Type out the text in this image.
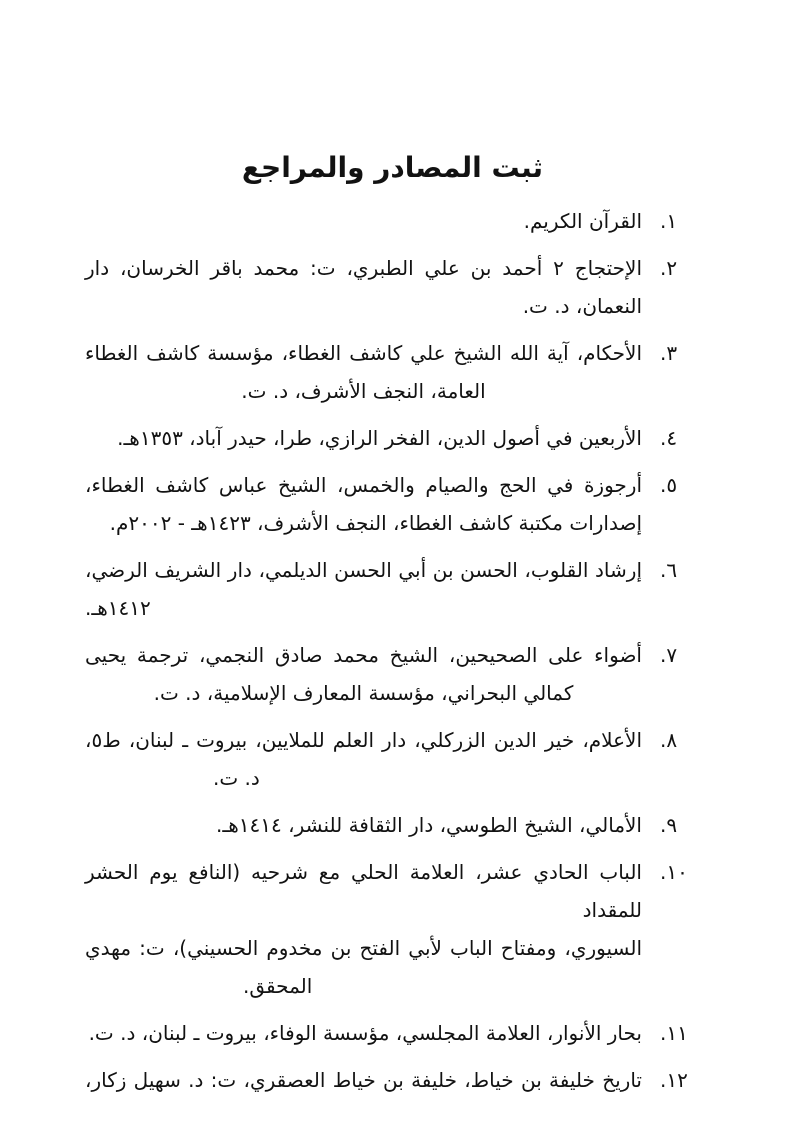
ثبت المصادر والمراجع
١.
القرآن الكريم.
٢.
الإحتجاج ٢ أحمد بن علي الطبري، ت: محمد باقر الخرسان، دار
النعمان، د. ت.
٣.
الأحكام، آية الله الشيخ علي كاشف الغطاء، مؤسسة كاشف الغطاء
العامة، النجف الأشرف، د. ت.
٤.
الأربعين في أصول الدين، الفخر الرازي، طرا، حيدر آباد، ١٣٥٣هـ.
٥.
أرجوزة في الحج والصيام والخمس، الشيخ عباس كاشف الغطاء،
إصدارات مكتبة كاشف الغطاء، النجف الأشرف، ١٤٢٣هـ - ٢٠٠٢م.
٦.
إرشاد القلوب، الحسن بن أبي الحسن الديلمي، دار الشريف الرضي،
١٤١٢هـ.
٧.
أضواء على الصحيحين، الشيخ محمد صادق النجمي، ترجمة يحيى
كمالي البحراني، مؤسسة المعارف الإسلامية، د. ت.
٨.
الأعلام، خير الدين الزركلي، دار العلم للملايين، بيروت ـ لبنان، ط٥،
د. ت.
٩.
الأمالي، الشيخ الطوسي، دار الثقافة للنشر، ١٤١٤هـ.
١٠.
الباب الحادي عشر، العلامة الحلي مع شرحيه (النافع يوم الحشر للمقداد
السيوري، ومفتاح الباب لأبي الفتح بن مخدوم الحسيني)، ت: مهدي
المحقق.
١١.
بحار الأنوار، العلامة المجلسي، مؤسسة الوفاء، بيروت ـ لبنان، د. ت.
١٢.
تاريخ خليفة بن خياط، خليفة بن خياط العصقري، ت: د. سهيل زكار،
